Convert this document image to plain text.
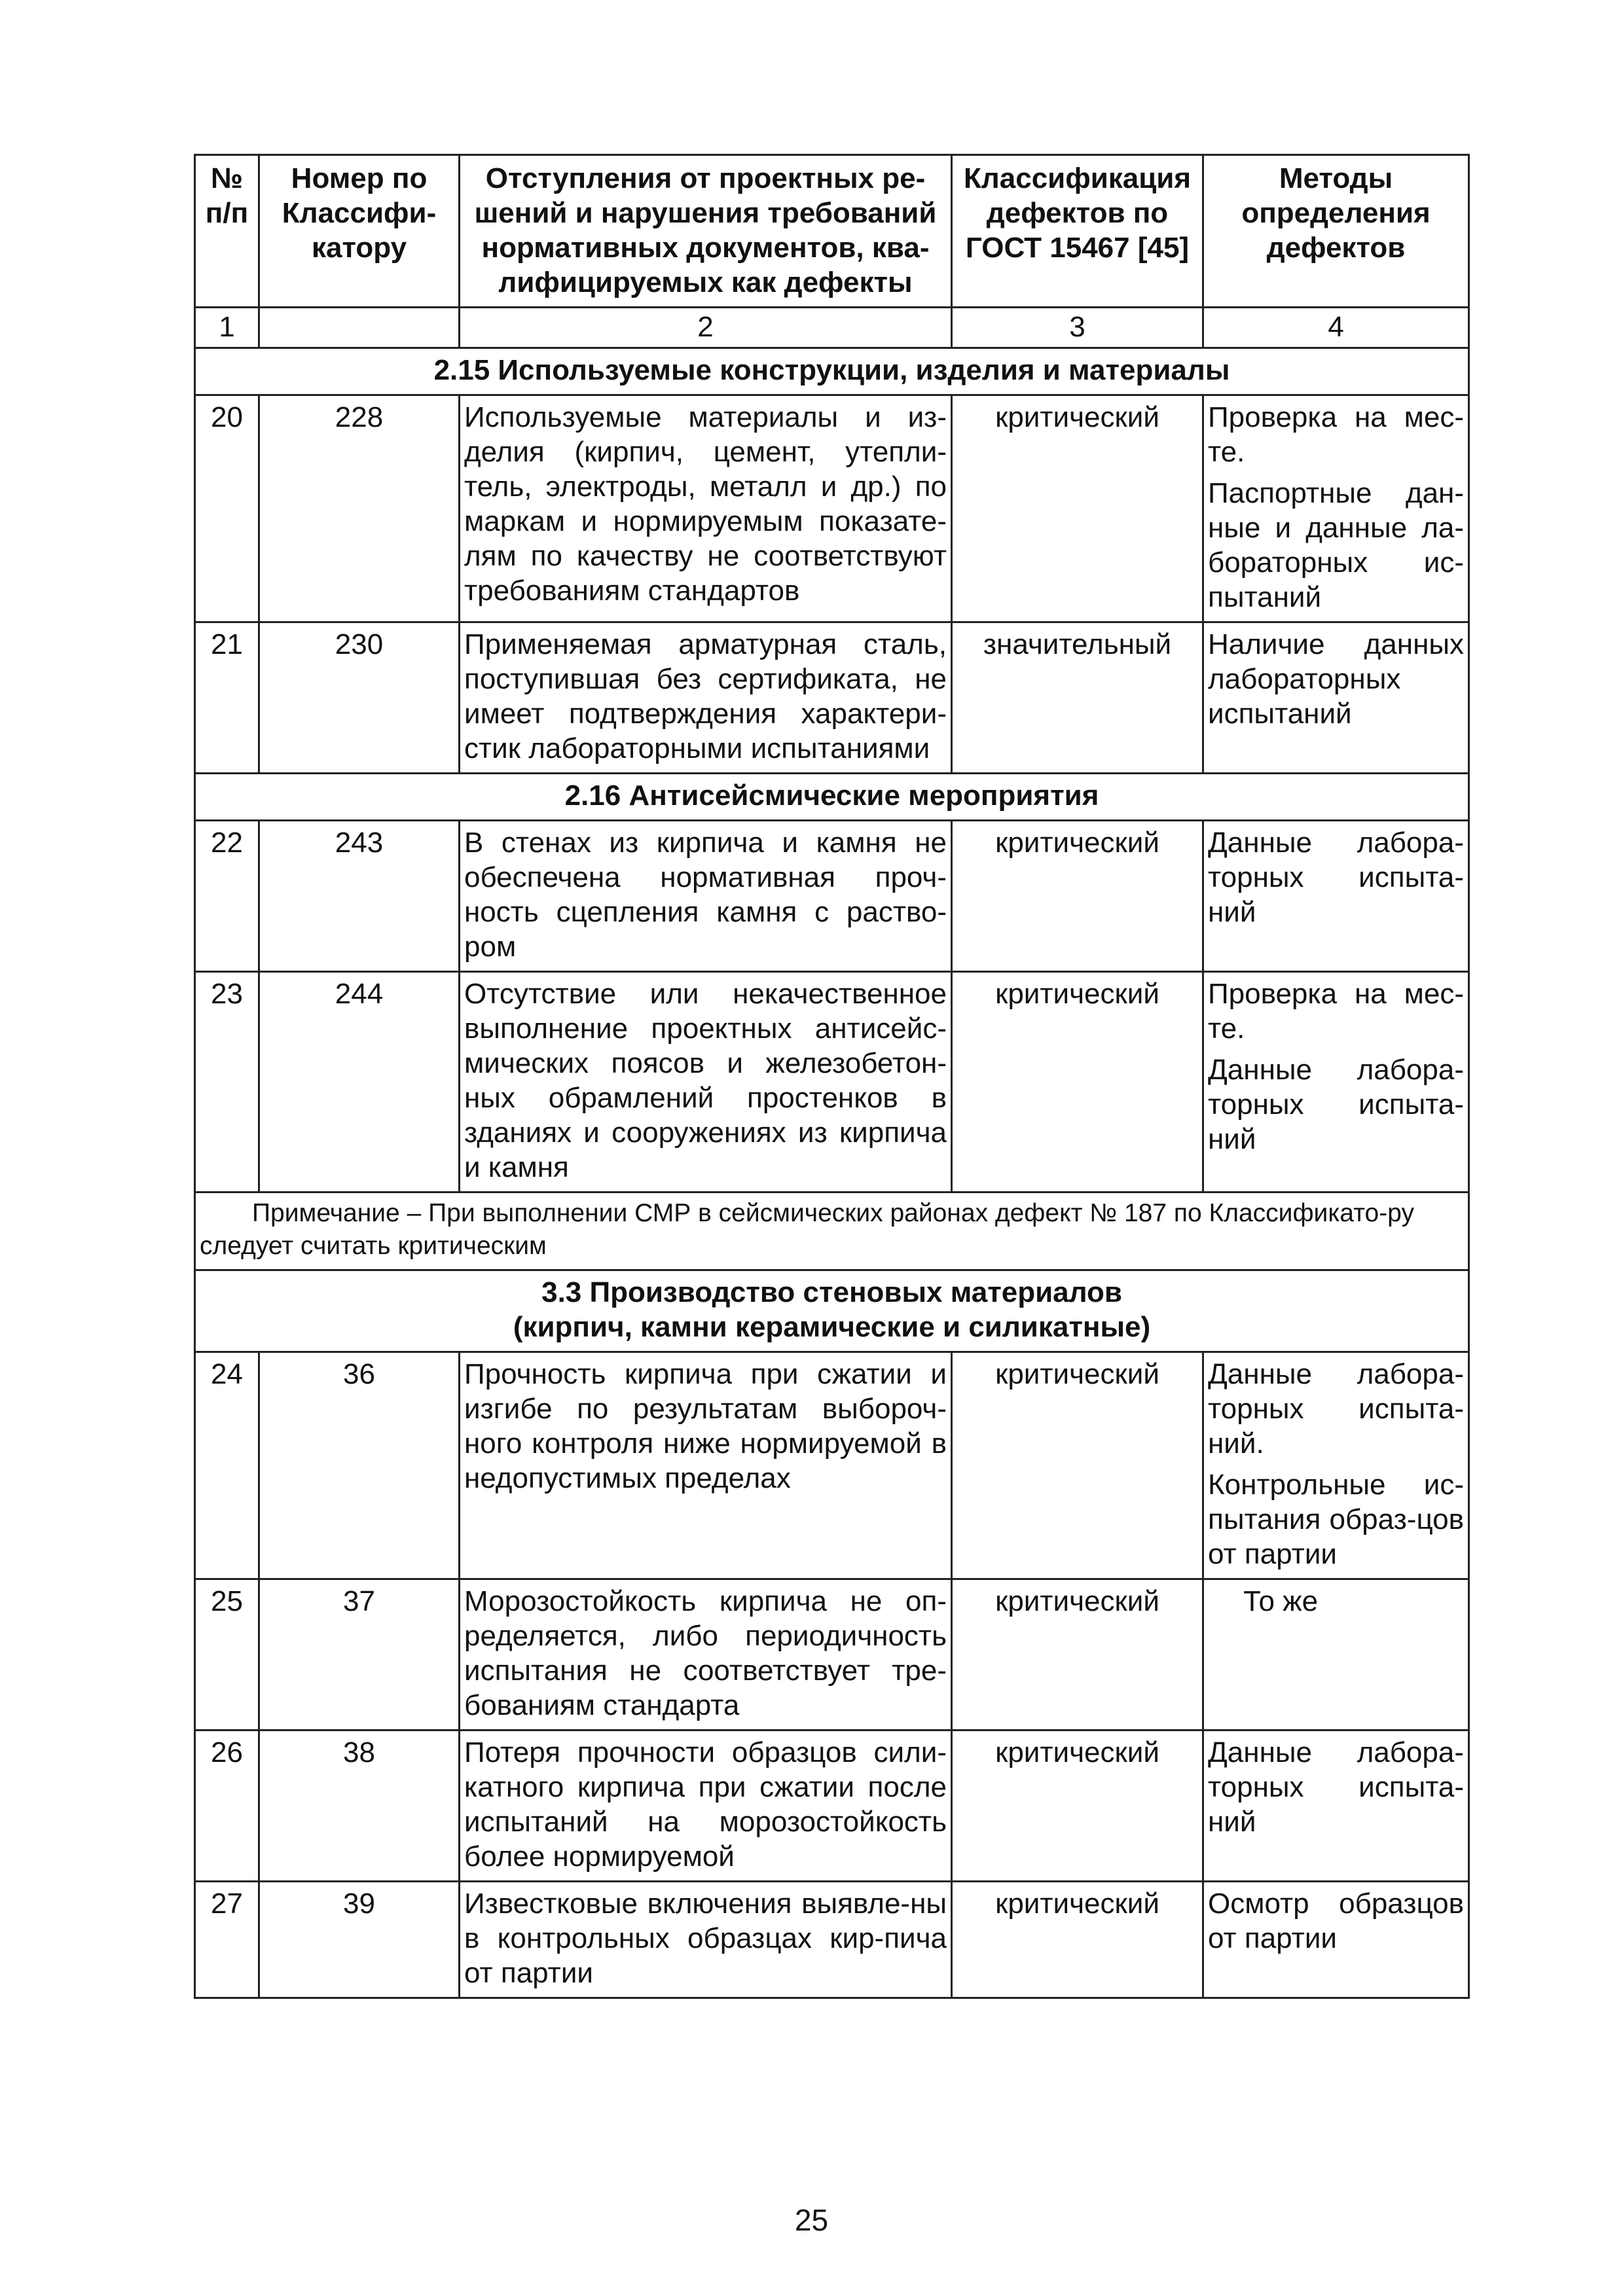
№ п/п	Номер по Классифи-катору	Отступления от проектных ре-шений и нарушения требований нормативных документов, ква-лифицируемых как дефекты	Классификация дефектов по ГОСТ 15467 [45]	Методы определения дефектов
1		2	3	4
2.15 Используемые конструкции, изделия и материалы				
20	228	Используемые материалы и из-делия (кирпич, цемент, утепли-тель, электроды, металл и др.) по маркам и нормируемым показате-лям по качеству не соответствуют требованиям стандартов	критический	Проверка на мес-те.
Паспортные дан-ные и данные ла-бораторных ис-пытаний

21	230	Применяемая арматурная сталь, поступившая без сертификата, не имеет подтверждения характери-стик лабораторными испытаниями	значительный	Наличие данных лабораторных испытаний

2.16 Антисейсмические мероприятия				
22	243	В стенах из кирпича и камня не обеспечена нормативная проч-ность сцепления камня с раство-ром	критический	Данные лабора-торных испыта-ний

23	244	Отсутствие или некачественное выполнение проектных антисейс-мических поясов и железобетон-ных обрамлений простенков в зданиях и сооружениях из кирпича и камня	критический	Проверка на мес-те.
Данные лабора-торных испыта-ний

Примечание – При выполнении СМР в сейсмических районах дефект № 187 по Классификато-ру следует считать критическим				

3.3 Производство стеновых материалов
(кирпич, камни керамические и силикатные)				

24	36	Прочность кирпича при сжатии и изгибе по результатам выбороч-ного контроля ниже нормируемой в недопустимых пределах	критический	Данные лабора-торных испыта-ний.
Контрольные ис-пытания образ-цов от партии

25	37	Морозостойкость кирпича не оп-ределяется, либо периодичность испытания не соответствует тре-бованиям стандарта	критический	То же

26	38	Потеря прочности образцов сили-катного кирпича при сжатии после испытаний на морозостойкость более нормируемой	критический	Данные лабора-торных испыта-ний

27	39	Известковые включения выявле-ны в контрольных образцах кир-пича от партии	критический	Осмотр образцов от партии
25
